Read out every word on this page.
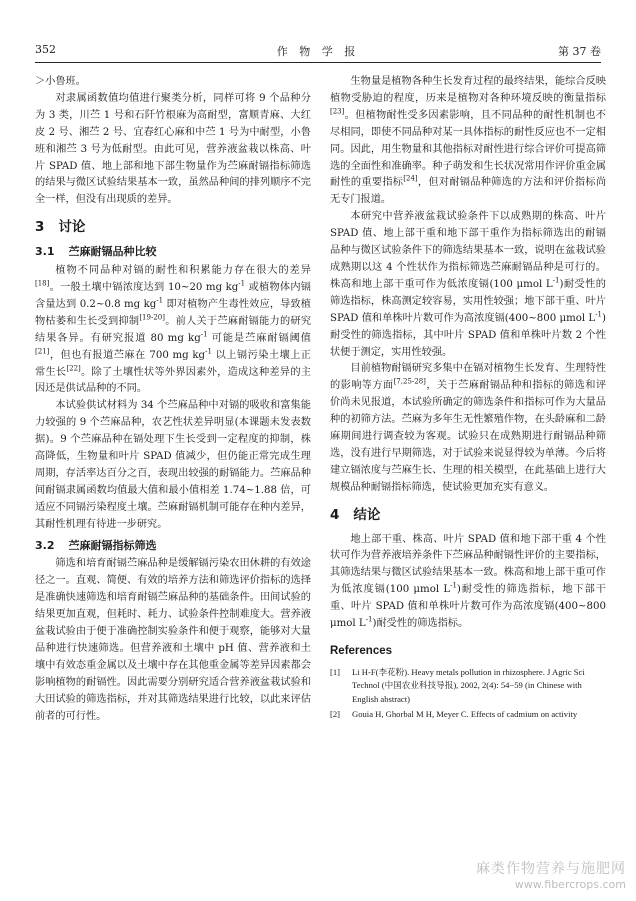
352	作 物 学 报	第 37 卷

＞小鲁班。

对隶属函数值均值进行聚类分析，同样可将 9 个品种分为 3 类，川苎 1 号和石阡竹根麻为高耐型，富顺青麻、大红皮 2 号、湘苎 2 号、宜春红心麻和中苎 1 号为中耐型，小鲁班和湘苎 3 号为低耐型。由此可见，营养液盆栽以株高、叶片 SPAD 值、地上部和地下部生物量作为苎麻耐镉指标筛选的结果与微区试验结果基本一致，虽然品种间的排列顺序不完全一样，但没有出现质的差异。

3 讨论
3.1 苎麻耐镉品种比较

植物不同品种对镉的耐性和积累能力存在很大的差异[18]。一般土壤中镉浓度达到 10~20 mg $kg^{-1}$ 或植物体内镉含量达到 0.2~0.8 mg $kg^{-1}$ 即对植物产生毒性效应，导致植物枯萎和生长受到抑制[19-20]。前人关于苎麻耐镉能力的研究结果各异。有研究报道 80 mg $kg^{-1}$ 可能是苎麻耐镉阈值[21]，但也有报道苎麻在 700 mg $kg^{-1}$ 以上镉污染土壤上正常生长[22]。除了土壤性状等外界因素外，造成这种差异的主因还是供试品种的不同。

本试验供试材料为 34 个苎麻品种中对镉的吸收和富集能力较强的 9 个苎麻品种，农艺性状差异明显(本课题未发表数据)。9 个苎麻品种在镉处理下生长受到一定程度的抑制，株高降低，生物量和叶片 SPAD 值减少，但仍能正常完成生理周期，存活率达百分之百，表现出较强的耐镉能力。苎麻品种间耐镉隶属函数均值最大值和最小值相差 1.74~1.88 倍，可适应不同镉污染程度土壤。苎麻耐镉机制可能存在种内差异，其耐性机理有待进一步研究。

3.2 苎麻耐镉指标筛选

筛选和培育耐镉苎麻品种是缓解镉污染农田休耕的有效途径之一。直观、简便、有效的培养方法和筛选评价指标的选择是准确快速筛选和培育耐镉苎麻品种的基础条件。田间试验的结果更加直观，但耗时、耗力、试验条件控制难度大。营养液盆栽试验由于便于准确控制实验条件和便于观察，能够对大量品种进行快速筛选。但营养液和土壤中 pH 值、营养液和土壤中有效态重金属以及土壤中存在其他重金属等差异因素都会影响植物的耐镉性。因此需要分别研究适合营养液盆栽试验和大田试验的筛选指标，并对其筛选结果进行比较，以此来评估前者的可行性。

生物量是植物各种生长发育过程的最终结果，能综合反映植物受胁迫的程度，历来是植物对各种环境反映的衡量指标[23]。但植物耐性受多因素影响，且不同品种的耐性机制也不尽相同，即使不同品种对某一具体指标的耐性反应也不一定相同。因此，用生物量和其他指标对耐性进行综合评价可提高筛选的全面性和准确率。种子萌发和生长状况常用作评价重金属耐性的重要指标[24]，但对耐镉品种筛选的方法和评价指标尚无专门报道。

本研究中营养液盆栽试验条件下以成熟期的株高、叶片 SPAD 值、地上部干重和地下部干重作为指标筛选出的耐镉品种与微区试验条件下的筛选结果基本一致，说明在盆栽试验成熟期以这 4 个性状作为指标筛选苎麻耐镉品种是可行的。株高和地上部干重可作为低浓度镉(100 μmol $L^{-1}$)耐受性的筛选指标，株高测定较容易，实用性较强；地下部干重、叶片 SPAD 值和单株叶片数可作为高浓度镉(400~800 μmol $L^{-1}$)耐受性的筛选指标，其中叶片 SPAD 值和单株叶片数 2 个性状便于测定，实用性较强。

目前植物耐镉研究多集中在镉对植物生长发育、生理特性的影响等方面[7,25-28]，关于苎麻耐镉品种和指标的筛选和评价尚未见报道，本试验所确定的筛选条件和指标可作为大量品种的初筛方法。苎麻为多年生无性繁殖作物，在头龄麻和二龄麻期间进行调查较为客观。试验只在成熟期进行耐镉品种筛选，没有进行早期筛选，对于试验来说显得较为单薄。今后将建立镉浓度与苎麻生长、生理的相关模型，在此基础上进行大规模品种耐镉指标筛选，使试验更加充实有意义。

4 结论

地上部干重、株高、叶片 SPAD 值和地下部干重 4 个性状可作为营养液培养条件下苎麻品种耐镉性评价的主要指标，其筛选结果与微区试验结果基本一致。株高和地上部干重可作为低浓度镉(100 μmol $L^{-1}$)耐受性的筛选指标，地下部干重、叶片 SPAD 值和单株叶片数可作为高浓度镉(400~800 μmol $L^{-1}$)耐受性的筛选指标。

References
[1]	Li H-F(李花粉). Heavy metals pollution in rhizosphere. J Agric Sci Technol (中国农业科技导报), 2002, 2(4): 54−59 (in Chinese with English abstract)
[2]	Gouia H, Ghorbal M H, Meyer C. Effects of cadmium on activity
麻类作物营养与施肥网
www.fibercrops.com
